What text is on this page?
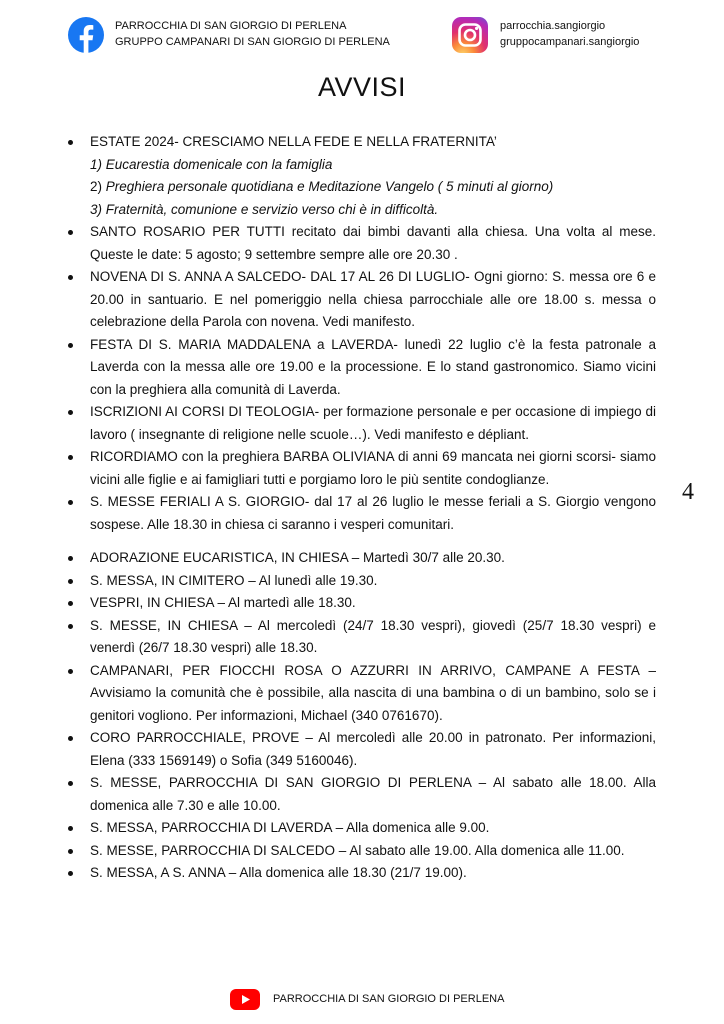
PARROCCHIA DI SAN GIORGIO DI PERLENA
GRUPPO CAMPANARI DI SAN GIORGIO DI PERLENA
parrocchia.sangiorgio
gruppocampanari.sangiorgio
AVVISI
ESTATE 2024- CRESCIAMO NELLA FEDE E NELLA FRATERNITA’
1) Eucarestia domenicale con la famiglia
2) Preghiera personale quotidiana e Meditazione Vangelo ( 5 minuti al giorno)
3) Fraternità, comunione e servizio verso chi è in difficoltà.
SANTO ROSARIO PER TUTTI recitato dai bimbi davanti alla chiesa. Una volta al mese. Queste le date: 5 agosto; 9 settembre sempre alle ore 20.30 .
NOVENA DI S. ANNA A SALCEDO- DAL 17 AL 26 DI LUGLIO- Ogni giorno: S. messa ore 6 e 20.00 in santuario. E nel pomeriggio nella chiesa parrocchiale alle ore 18.00 s. messa o celebrazione della Parola con novena. Vedi manifesto.
FESTA DI S. MARIA MADDALENA a LAVERDA- lunedì 22 luglio c’è la festa patronale a Laverda con la messa alle ore 19.00 e la processione. E lo stand gastronomico. Siamo vicini con la preghiera alla comunità di Laverda.
ISCRIZIONI AI CORSI DI TEOLOGIA- per formazione personale e per occasione di impiego di lavoro ( insegnante di religione nelle scuole…). Vedi manifesto e dépliant.
RICORDIAMO con la preghiera BARBA OLIVIANA di anni 69 mancata nei giorni scorsi- siamo vicini alle figlie e ai famigliari tutti e porgiamo loro le più sentite condoglianze.
S. MESSE FERIALI A S. GIORGIO- dal 17 al 26 luglio le messe feriali a S. Giorgio vengono sospese. Alle 18.30 in chiesa ci saranno i vesperi comunitari.
4
ADORAZIONE EUCARISTICA, IN CHIESA – Martedì 30/7 alle 20.30.
S. MESSA, IN CIMITERO – Al lunedì alle 19.30.
VESPRI, IN CHIESA – Al martedì alle 18.30.
S. MESSE, IN CHIESA – Al mercoledì (24/7 18.30 vespri), giovedì (25/7 18.30 vespri) e venerdì (26/7 18.30 vespri) alle 18.30.
CAMPANARI, PER FIOCCHI ROSA O AZZURRI IN ARRIVO, CAMPANE A FESTA – Avvisiamo la comunità che è possibile, alla nascita di una bambina o di un bambino, solo se i genitori vogliono. Per informazioni, Michael (340 0761670).
CORO PARROCCHIALE, PROVE – Al mercoledì alle 20.00 in patronato. Per informazioni, Elena (333 1569149) o Sofia (349 5160046).
S. MESSE, PARROCCHIA DI SAN GIORGIO DI PERLENA – Al sabato alle 18.00. Alla domenica alle 7.30 e alle 10.00.
S. MESSA, PARROCCHIA DI LAVERDA – Alla domenica alle 9.00.
S. MESSE, PARROCCHIA DI SALCEDO – Al sabato alle 19.00. Alla domenica alle 11.00.
S. MESSA, A S. ANNA – Alla domenica alle 18.30 (21/7 19.00).
PARROCCHIA DI SAN GIORGIO DI PERLENA
